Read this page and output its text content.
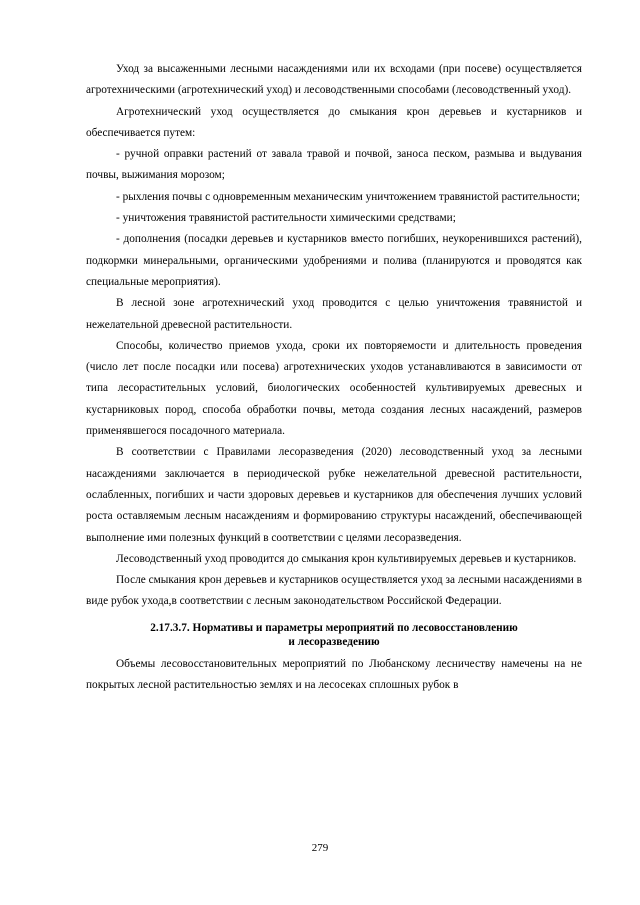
Уход за высаженными лесными насаждениями или их всходами (при посеве) осуществляется агротехническими (агротехнический уход) и лесоводственными способами (лесоводственный уход).

Агротехнический уход осуществляется до смыкания крон деревьев и кустарников и обеспечивается путем:

- ручной оправки растений от завала травой и почвой, заноса песком, размыва и выдувания почвы, выжимания морозом;

- рыхления почвы с одновременным механическим уничтожением травянистой растительности;

- уничтожения травянистой растительности химическими средствами;

- дополнения (посадки деревьев и кустарников вместо погибших, неукоренившихся растений), подкормки минеральными, органическими удобрениями и полива (планируются и проводятся как специальные мероприятия).

В лесной зоне агротехнический уход проводится с целью уничтожения травянистой и нежелательной древесной растительности.

Способы, количество приемов ухода, сроки их повторяемости и длительность проведения (число лет после посадки или посева) агротехнических уходов устанавливаются в зависимости от типа лесорастительных условий, биологических особенностей культивируемых древесных и кустарниковых пород, способа обработки почвы, метода создания лесных насаждений, размеров применявшегося посадочного материала.

В соответствии с Правилами лесоразведения (2020) лесоводственный уход за лесными насаждениями заключается в периодической рубке нежелательной древесной растительности, ослабленных, погибших и части здоровых деревьев и кустарников для обеспечения лучших условий роста оставляемым лесным насаждениям и формированию структуры насаждений, обеспечивающей выполнение ими полезных функций в соответствии с целями лесоразведения.

Лесоводственный уход проводится до смыкания крон культивируемых деревьев и кустарников.

После смыкания крон деревьев и кустарников осуществляется уход за лесными насаждениями в виде рубок ухода,в соответствии с лесным законодательством Российской Федерации.

2.17.3.7. Нормативы и параметры мероприятий по лесовосстановлению
и лесоразведению

Объемы лесовосстановительных мероприятий по Любанскому лесничеству намечены на не покрытых лесной растительностью землях и на лесосеках сплошных рубок в

279
